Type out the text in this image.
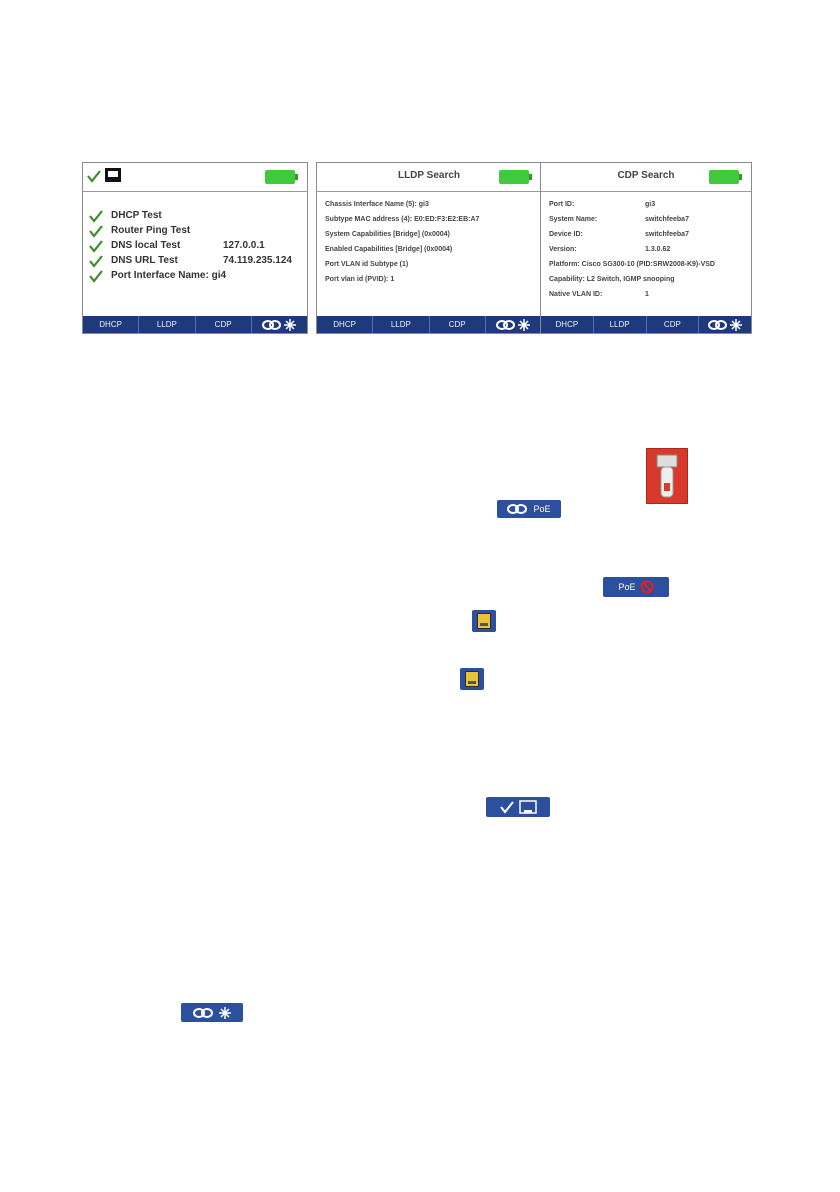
DHCP Test
Router Ping Test
DNS local Test	127.0.0.1
DNS URL Test	74.119.235.124
Port Interface Name: gi4
DHCP	LLDP	CDP
LLDP Search
Chassis Interface Name (5): gi3
Subtype MAC address (4): E0:ED:F3:E2:EB:A7
System Capabilities [Bridge] (0x0004)
Enabled Capabilities [Bridge] (0x0004)
Port VLAN id Subtype (1)
Port vlan id (PVID): 1
DHCP	LLDP	CDP
CDP Search
Port ID:	gi3
System Name:	switchfeeba7
Device ID:	switchfeeba7
Version:	1.3.0.62
Platform: Cisco SG300-10 (PID:SRW2008-K9)-VSD
Capability: L2 Switch, IGMP snooping
Native VLAN ID:	1
DHCP	LLDP	CDP
PoE
PoE
